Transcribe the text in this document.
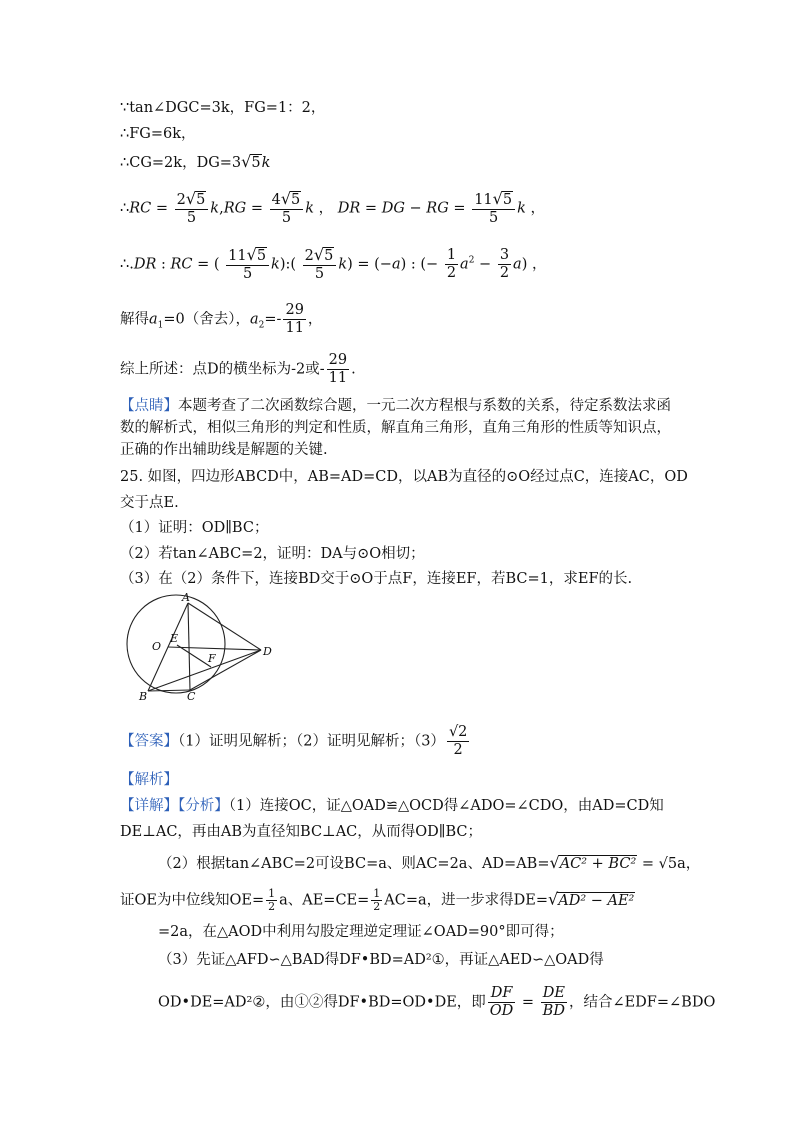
∵tan∠DGC=3k，FG=1：2，
∴FG=6k，
∴CG=2k，DG=3√5k
∴RC = $\frac{2√5}{5} k,RG = \frac{4√5}{5}$ k ， DR = DG − RG = $\frac{11√5}{5}$ k ，
∴.DR : RC = ( $\frac{11√5}{5}$ k):( $\frac{2√5}{5} k) = (-a)$ : (− $\frac{1}{2} a^2 - \frac{3}{2} a$) ，
解得$a_1=0$（舍去），$a_2=- \frac{29}{11}$ ，
综上所述：点D的横坐标为-2或- $\frac{29}{11}$ .
【点睛】本题考查了二次函数综合题，一元二次方程根与系数的关系，待定系数法求函数的解析式，相似三角形的判定和性质，解直角三角形，直角三角形的性质等知识点，正确的作出辅助线是解题的关键.
25. 如图，四边形ABCD中，AB=AD=CD，以AB为直径的⊙O经过点C，连接AC，OD
交于点E.
（1）证明：OD∥BC；
（2）若tan∠ABC=2，证明：DA与⊙O相切；
（3）在（2）条件下，连接BD交于⊙O于点F，连接EF，若BC=1，求EF的长.
A
O
E
F
D
B	C
【答案】（1）证明见解析；（2）证明见解析；$(3) \frac{√2}{2}$
【解析】
【详解】【分析】（1）连接OC，证△OAD≌△OCD得∠ADO=∠CDO，由AD=CD知
DE⊥AC，再由AB为直径知BC⊥AC，从而得OD∥BC；
（2）根据tan∠ABC=2可设BC=a、则AC=2a、AD=AB=√AC² + BC² = √5a，
证OE为中位线知$OE= \frac{1}{2}$ a、$AE=CE= \frac{1}{2} AC=a$，进一步求得DE=√AD² − AE²
=2a，在△AOD中利用勾股定理逆定理证∠OAD=90°即可得；
（3）先证△AFD∽△BAD得DF•BD=AD²①，再证△AED∽△OAD得
OD•DE=AD²②，由①②得DF•BD=OD•DE，即 $\frac{DF}{OD} = \frac{DE}{BD}$ ，结合∠EDF=∠BDO
